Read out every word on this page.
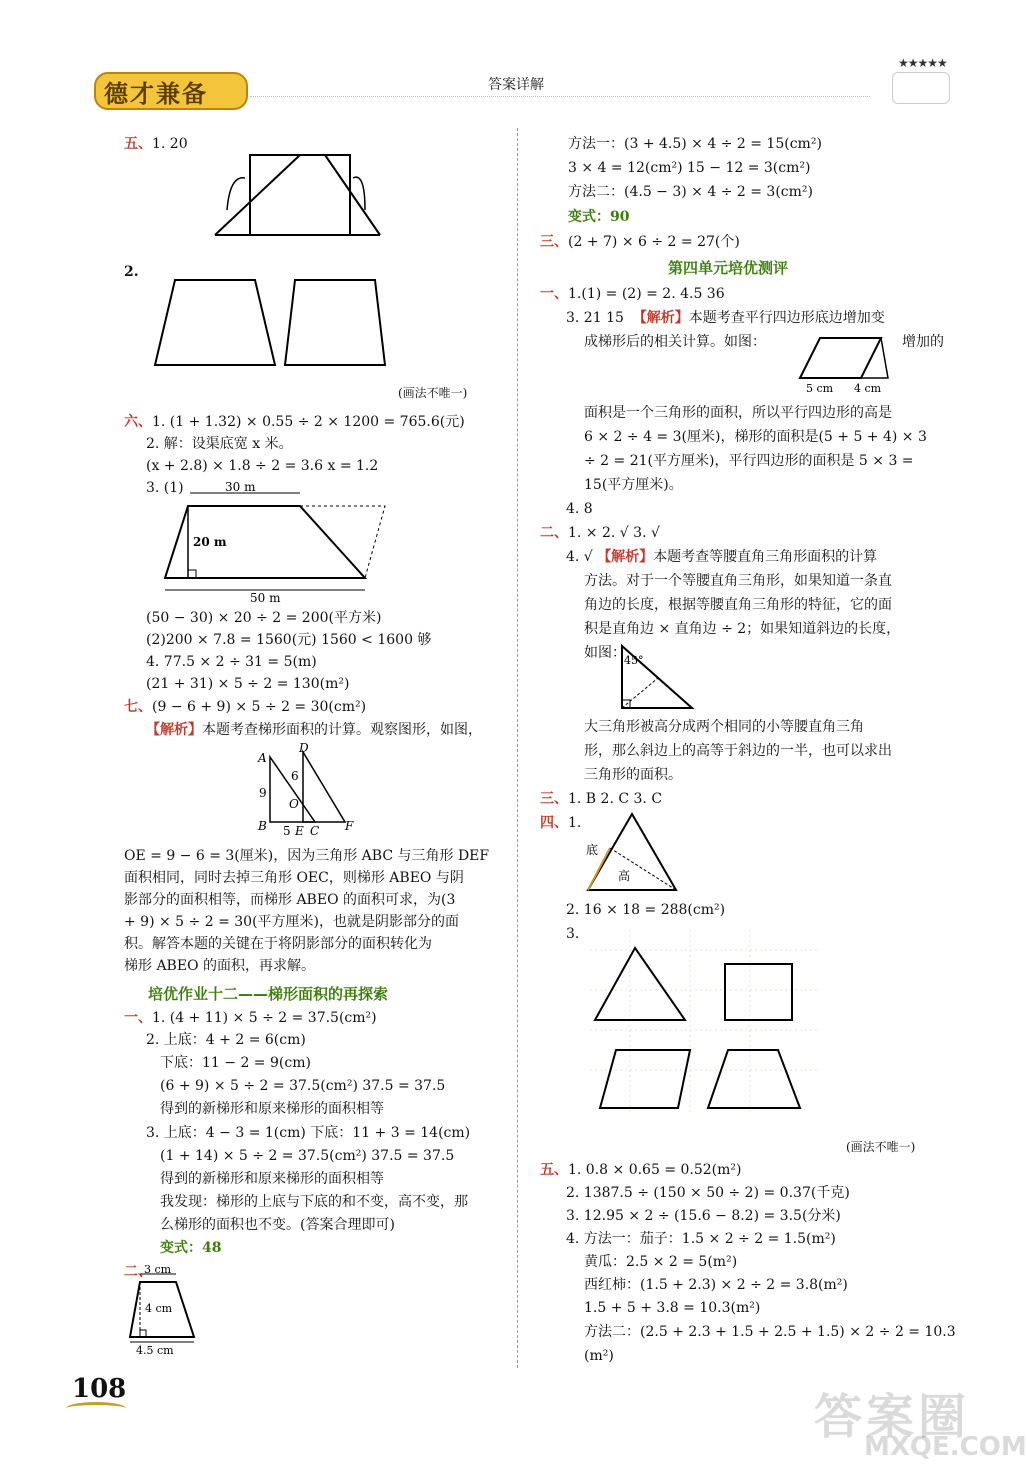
德才兼备	答案详解
★★★★★
五、1. 20
2.
(画法不唯一)
六、1. (1 + 1.32) × 0.55 ÷ 2 × 1200 = 765.6(元)
2. 解：设渠底宽 x 米。
(x + 2.8) × 1.8 ÷ 2 = 3.6 x = 1.2
3. (1)	30 m
20 m
50 m
(50 − 30) × 20 ÷ 2 = 200(平方米)
(2)200 × 7.8 = 1560(元) 1560 < 1600 够
4. 77.5 × 2 ÷ 31 = 5(m)
(21 + 31) × 5 ÷ 2 = 130(m²)
七、(9 − 6 + 9) × 5 ÷ 2 = 30(cm²)
【解析】本题考查梯形面积的计算。观察图形，如图，
A
D
6
9
O
B 5 E C F
OE = 9 − 6 = 3(厘米)，因为三角形 ABC 与三角形 DEF
面积相同，同时去掉三角形 OEC，则梯形 ABEO 与阴
影部分的面积相等，而梯形 ABEO 的面积可求，为(3
+ 9) × 5 ÷ 2 = 30(平方厘米)，也就是阴影部分的面
积。解答本题的关键在于将阴影部分的面积转化为
梯形 ABEO 的面积，再求解。
培优作业十二——梯形面积的再探索
一、1. (4 + 11) × 5 ÷ 2 = 37.5(cm²)
2. 上底：4 + 2 = 6(cm)
下底：11 − 2 = 9(cm)
(6 + 9) × 5 ÷ 2 = 37.5(cm²) 37.5 = 37.5
得到的新梯形和原来梯形的面积相等
3. 上底：4 − 3 = 1(cm) 下底：11 + 3 = 14(cm)
(1 + 14) × 5 ÷ 2 = 37.5(cm²) 37.5 = 37.5
得到的新梯形和原来梯形的面积相等
我发现：梯形的上底与下底的和不变，高不变，那
么梯形的面积也不变。(答案合理即可)
变式：48
二、
3 cm
4 cm
4.5 cm
108
方法一：(3 + 4.5) × 4 ÷ 2 = 15(cm²)
3 × 4 = 12(cm²) 15 − 12 = 3(cm²)
方法二：(4.5 − 3) × 4 ÷ 2 = 3(cm²)
变式：90
三、(2 + 7) × 6 ÷ 2 = 27(个)
第四单元培优测评
一、1.(1) = (2) = 2. 4.5 36
3. 21 15 【解析】本题考查平行四边形底边增加变
成梯形后的相关计算。如图：
5 cm 4 cm
增加的
面积是一个三角形的面积，所以平行四边形的高是
6 × 2 ÷ 4 = 3(厘米)，梯形的面积是(5 + 5 + 4) × 3
÷ 2 = 21(平方厘米)，平行四边形的面积是 5 × 3 =
15(平方厘米)。
4. 8
二、1. × 2. √ 3. √
4. √ 【解析】本题考查等腰直角三角形面积的计算
方法。对于一个等腰直角三角形，如果知道一条直
角边的长度，根据等腰直角三角形的特征，它的面
积是直角边 × 直角边 ÷ 2；如果知道斜边的长度，
如图：
45°
大三角形被高分成两个相同的小等腰直角三角
形，那么斜边上的高等于斜边的一半，也可以求出
三角形的面积。
三、1. B 2. C 3. C
四、1.
底
高
2. 16 × 18 = 288(cm²)
3.
(画法不唯一)
五、1. 0.8 × 0.65 = 0.52(m²)
2. 1387.5 ÷ (150 × 50 ÷ 2) = 0.37(千克)
3. 12.95 × 2 ÷ (15.6 − 8.2) = 3.5(分米)
4. 方法一：茄子：1.5 × 2 ÷ 2 = 1.5(m²)
黄瓜：2.5 × 2 = 5(m²)
西红柿：(1.5 + 2.3) × 2 ÷ 2 = 3.8(m²)
1.5 + 5 + 3.8 = 10.3(m²)
方法二：(2.5 + 2.3 + 1.5 + 2.5 + 1.5) × 2 ÷ 2 = 10.3
(m²)
答案圈
MXQE.COM
